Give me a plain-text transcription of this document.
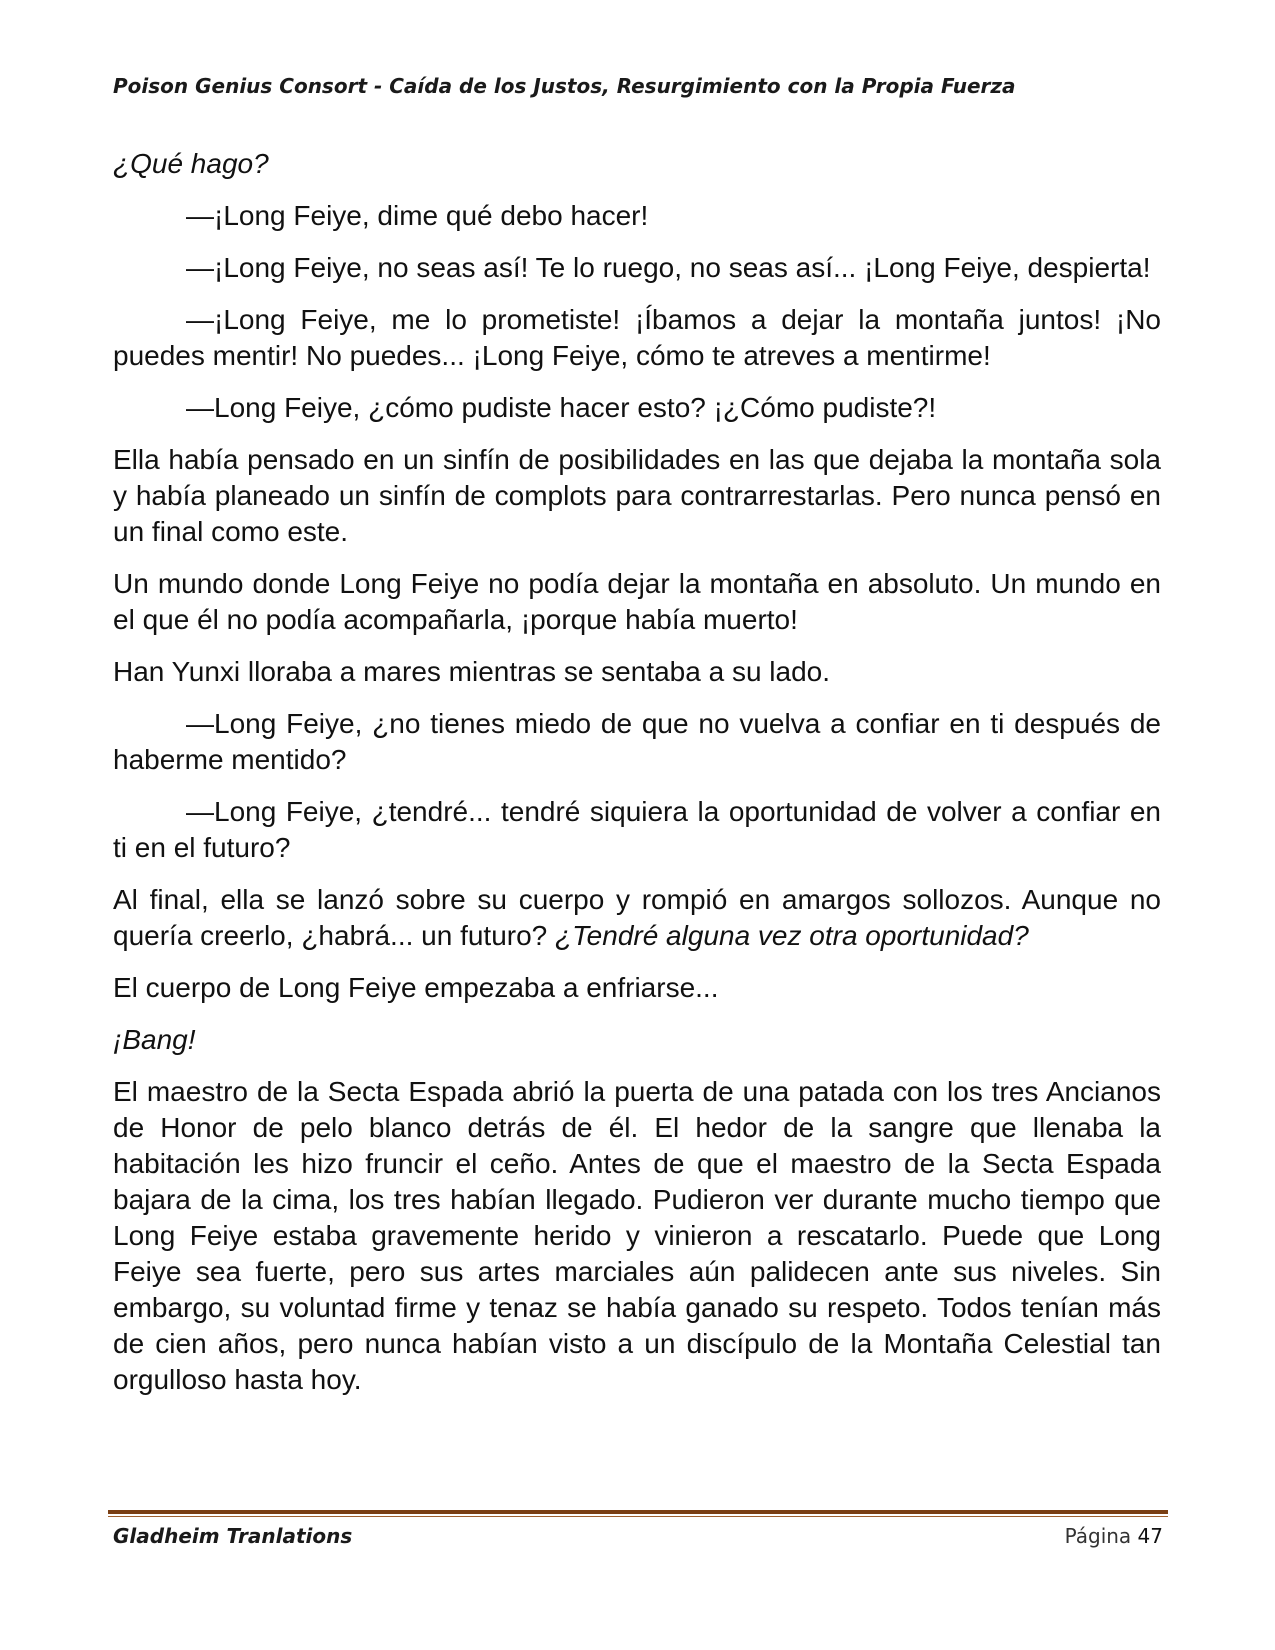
Poison Genius Consort - Caída de los Justos, Resurgimiento con la Propia Fuerza

¿Qué hago?

—¡Long Feiye, dime qué debo hacer!

—¡Long Feiye, no seas así! Te lo ruego, no seas así... ¡Long Feiye, despierta!

—¡Long Feiye, me lo prometiste! ¡Íbamos a dejar la montaña juntos! ¡No puedes mentir! No puedes... ¡Long Feiye, cómo te atreves a mentirme!

—Long Feiye, ¿cómo pudiste hacer esto? ¡¿Cómo pudiste?!

Ella había pensado en un sinfín de posibilidades en las que dejaba la montaña sola y había planeado un sinfín de complots para contrarrestarlas. Pero nunca pensó en un final como este.

Un mundo donde Long Feiye no podía dejar la montaña en absoluto. Un mundo en el que él no podía acompañarla, ¡porque había muerto!

Han Yunxi lloraba a mares mientras se sentaba a su lado.

—Long Feiye, ¿no tienes miedo de que no vuelva a confiar en ti después de haberme mentido?

—Long Feiye, ¿tendré... tendré siquiera la oportunidad de volver a confiar en ti en el futuro?

Al final, ella se lanzó sobre su cuerpo y rompió en amargos sollozos. Aunque no quería creerlo, ¿habrá... un futuro? ¿Tendré alguna vez otra oportunidad?

El cuerpo de Long Feiye empezaba a enfriarse...

¡Bang!

El maestro de la Secta Espada abrió la puerta de una patada con los tres Ancianos de Honor de pelo blanco detrás de él. El hedor de la sangre que llenaba la habitación les hizo fruncir el ceño. Antes de que el maestro de la Secta Espada bajara de la cima, los tres habían llegado. Pudieron ver durante mucho tiempo que Long Feiye estaba gravemente herido y vinieron a rescatarlo. Puede que Long Feiye sea fuerte, pero sus artes marciales aún palidecen ante sus niveles. Sin embargo, su voluntad firme y tenaz se había ganado su respeto. Todos tenían más de cien años, pero nunca habían visto a un discípulo de la Montaña Celestial tan orgulloso hasta hoy.

Gladheim Tranlations	Página 47
